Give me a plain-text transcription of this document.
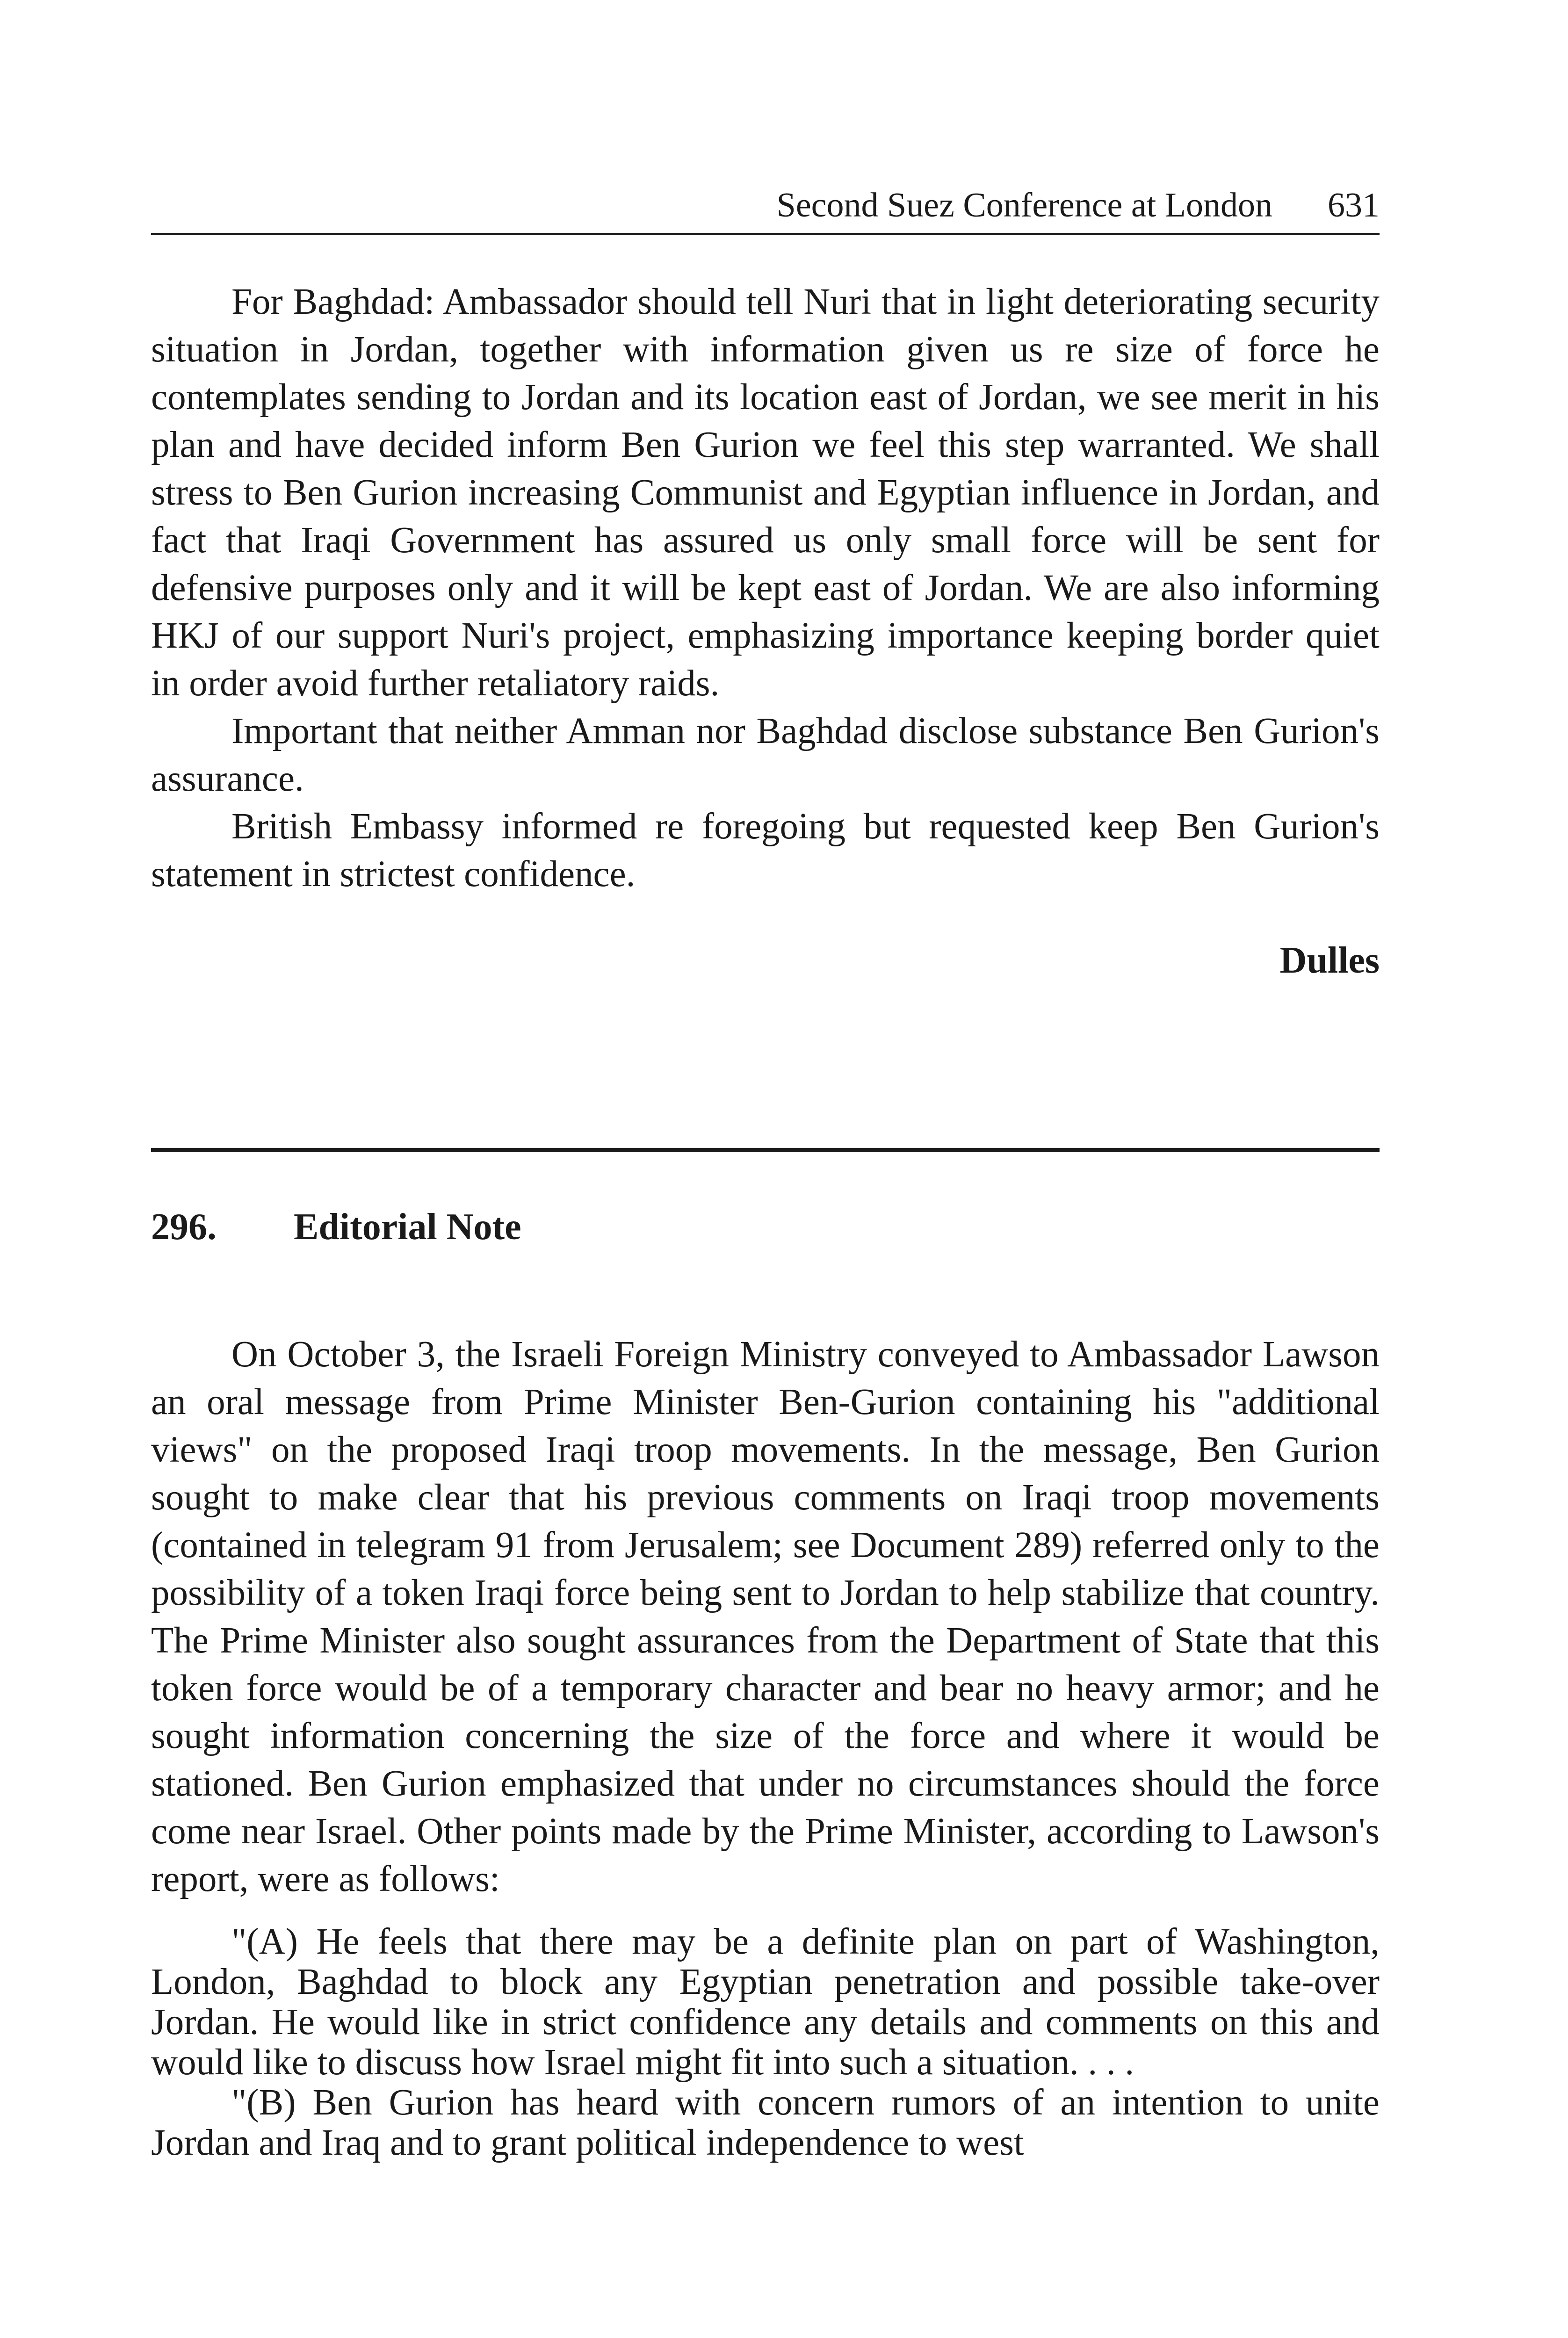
Second Suez Conference at London 631

For Baghdad: Ambassador should tell Nuri that in light deteriorating security situation in Jordan, together with information given us re size of force he contemplates sending to Jordan and its location east of Jordan, we see merit in his plan and have decided inform Ben Gurion we feel this step warranted. We shall stress to Ben Gurion increasing Communist and Egyptian influence in Jordan, and fact that Iraqi Government has assured us only small force will be sent for defensive purposes only and it will be kept east of Jordan. We are also informing HKJ of our support Nuri's project, emphasizing importance keeping border quiet in order avoid further retaliatory raids.

Important that neither Amman nor Baghdad disclose substance Ben Gurion's assurance.

British Embassy informed re foregoing but requested keep Ben Gurion's statement in strictest confidence.

Dulles
296. Editorial Note

On October 3, the Israeli Foreign Ministry conveyed to Ambassador Lawson an oral message from Prime Minister Ben-Gurion containing his "additional views" on the proposed Iraqi troop movements. In the message, Ben Gurion sought to make clear that his previous comments on Iraqi troop movements (contained in telegram 91 from Jerusalem; see Document 289) referred only to the possibility of a token Iraqi force being sent to Jordan to help stabilize that country. The Prime Minister also sought assurances from the Department of State that this token force would be of a temporary character and bear no heavy armor; and he sought information concerning the size of the force and where it would be stationed. Ben Gurion emphasized that under no circumstances should the force come near Israel. Other points made by the Prime Minister, according to Lawson's report, were as follows:

"(A) He feels that there may be a definite plan on part of Washington, London, Baghdad to block any Egyptian penetration and possible take-over Jordan. He would like in strict confidence any details and comments on this and would like to discuss how Israel might fit into such a situation. . . .

"(B) Ben Gurion has heard with concern rumors of an intention to unite Jordan and Iraq and to grant political independence to west
